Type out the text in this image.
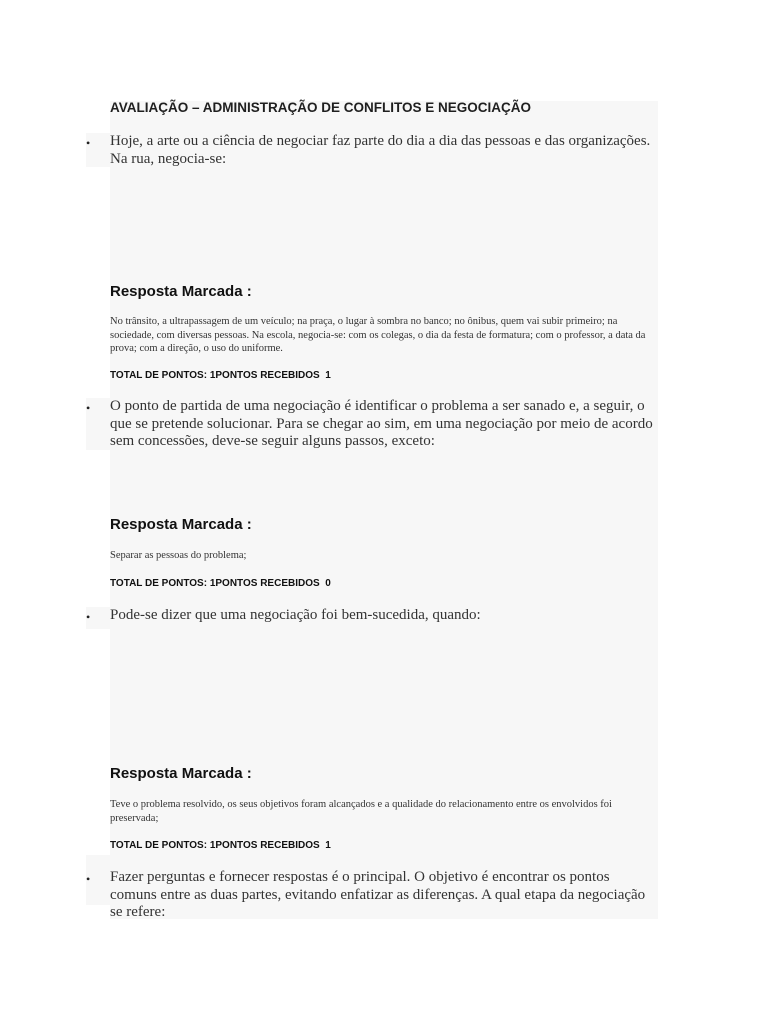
AVALIAÇÃO – ADMINISTRAÇÃO DE CONFLITOS E NEGOCIAÇÃO
• Hoje, a arte ou a ciência de negociar faz parte do dia a dia das pessoas e das organizações. Na rua, negocia-se:
Resposta Marcada :
No trânsito, a ultrapassagem de um veículo; na praça, o lugar à sombra no banco; no ônibus, quem vai subir primeiro; na sociedade, com diversas pessoas. Na escola, negocia-se: com os colegas, o dia da festa de formatura; com o professor, a data da prova; com a direção, o uso do uniforme.
TOTAL DE PONTOS: 1PONTOS RECEBIDOS  1
• O ponto de partida de uma negociação é identificar o problema a ser sanado e, a seguir, o que se pretende solucionar. Para se chegar ao sim, em uma negociação por meio de acordo sem concessões, deve-se seguir alguns passos, exceto:
Resposta Marcada :
Separar as pessoas do problema;
TOTAL DE PONTOS: 1PONTOS RECEBIDOS  0
• Pode-se dizer que uma negociação foi bem-sucedida, quando:
Resposta Marcada :
Teve o problema resolvido, os seus objetivos foram alcançados e a qualidade do relacionamento entre os envolvidos foi preservada;
TOTAL DE PONTOS: 1PONTOS RECEBIDOS  1
• Fazer perguntas e fornecer respostas é o principal. O objetivo é encontrar os pontos comuns entre as duas partes, evitando enfatizar as diferenças. A qual etapa da negociação se refere:
